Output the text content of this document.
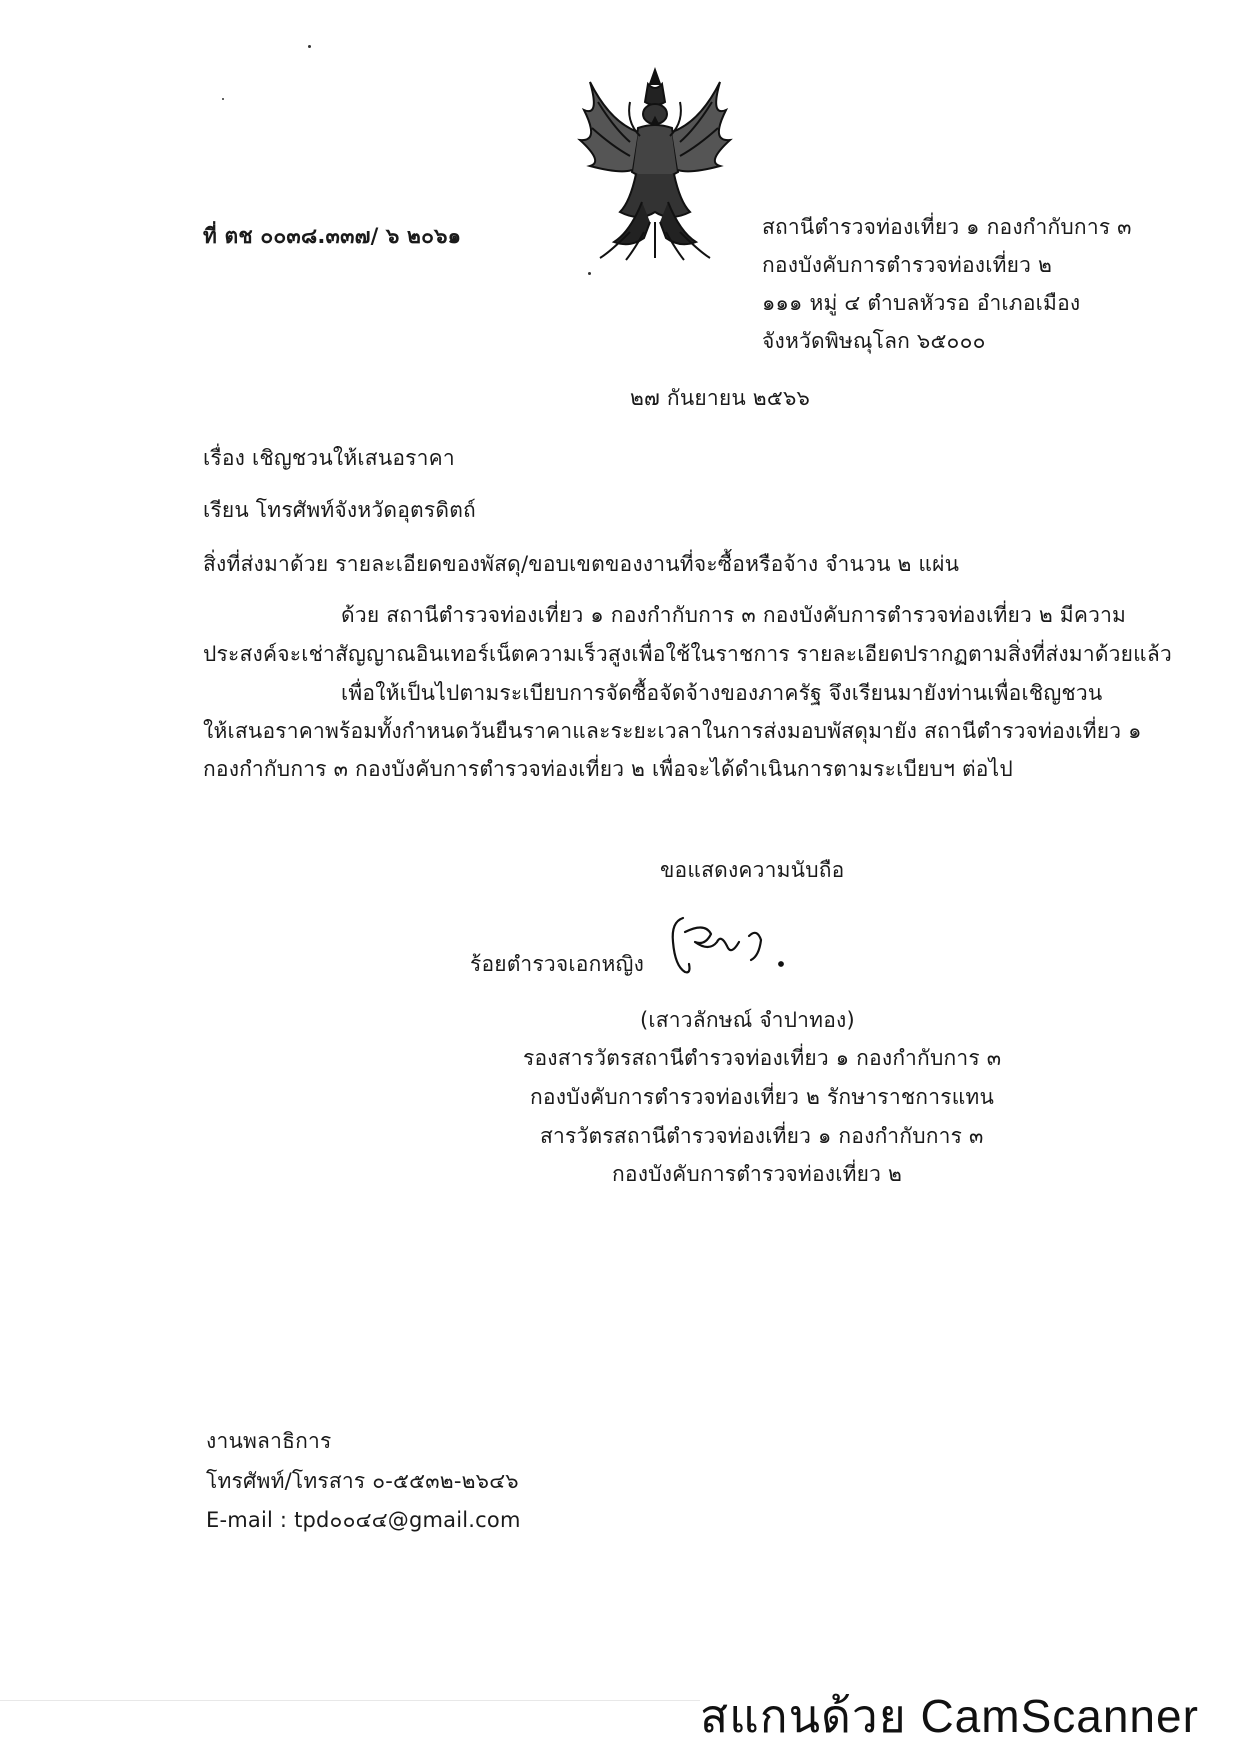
ที่ ตช ๐๐๓๘.๓๓๗/ ๖ ๒๐๖๑	สถานีตำรวจท่องเที่ยว ๑ กองกำกับการ ๓
กองบังคับการตำรวจท่องเที่ยว ๒
๑๑๑ หมู่ ๔ ตำบลหัวรอ อำเภอเมือง
จังหวัดพิษณุโลก ๖๕๐๐๐
๒๗ กันยายน ๒๕๖๖
เรื่อง เชิญชวนให้เสนอราคา
เรียน โทรศัพท์จังหวัดอุตรดิตถ์
สิ่งที่ส่งมาด้วย รายละเอียดของพัสดุ/ขอบเขตของงานที่จะซื้อหรือจ้าง จำนวน ๒ แผ่น
ด้วย สถานีตำรวจท่องเที่ยว ๑ กองกำกับการ ๓ กองบังคับการตำรวจท่องเที่ยว ๒ มีความ
ประสงค์จะเช่าสัญญาณอินเทอร์เน็ตความเร็วสูงเพื่อใช้ในราชการ รายละเอียดปรากฏตามสิ่งที่ส่งมาด้วยแล้ว
เพื่อให้เป็นไปตามระเบียบการจัดซื้อจัดจ้างของภาครัฐ จึงเรียนมายังท่านเพื่อเชิญชวน
ให้เสนอราคาพร้อมทั้งกำหนดวันยืนราคาและระยะเวลาในการส่งมอบพัสดุมายัง สถานีตำรวจท่องเที่ยว ๑
กองกำกับการ ๓ กองบังคับการตำรวจท่องเที่ยว ๒ เพื่อจะได้ดำเนินการตามระเบียบฯ ต่อไป
ขอแสดงความนับถือ
ร้อยตำรวจเอกหญิง
(เสาวลักษณ์ จำปาทอง)
รองสารวัตรสถานีตำรวจท่องเที่ยว ๑ กองกำกับการ ๓
กองบังคับการตำรวจท่องเที่ยว ๒ รักษาราชการแทน
สารวัตรสถานีตำรวจท่องเที่ยว ๑ กองกำกับการ ๓
กองบังคับการตำรวจท่องเที่ยว ๒
งานพลาธิการ
โทรศัพท์/โทรสาร ๐-๕๕๓๒-๒๖๔๖
E-mail : tpd๐๐๔๔@gmail.com
สแกนด้วย CamScanner
